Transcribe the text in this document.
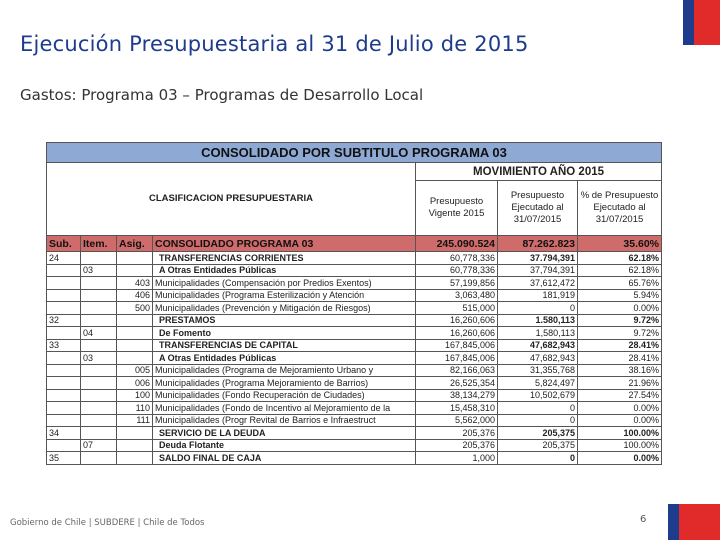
Ejecución Presupuestaria al 31 de Julio de 2015
Gastos: Programa 03 – Programas de Desarrollo Local
CONSOLIDADO POR SUBTITULO PROGRAMA 03						
CLASIFICACION PRESUPUESTARIA				MOVIMIENTO AÑO 2015		
				Presupuesto Vigente 2015	Presupuesto Ejecutado al 31/07/2015	% de Presupuesto Ejecutado al 31/07/2015
Sub.	Item.	Asig.	CONSOLIDADO PROGRAMA 03	245.090.524	87.262.823	35.60%
24			TRANSFERENCIAS CORRIENTES	60,778,336	37.794,391	62.18%
	03		A Otras Entidades Públicas	60,778,336	37,794,391	62.18%
		403	Municipalidades (Compensación por Predios Exentos)	57,199,856	37,612,472	65.76%
		406	Municipalidades (Programa Esterilización y Atención	3,063,480	181,919	5.94%
		500	Municipalidades (Prevención y Mitigación de Riesgos)	515,000	0	0.00%
32			PRESTAMOS	16,260,606	1.580,113	9.72%
	04		De Fomento	16,260,606	1,580,113	9.72%
33			TRANSFERENCIAS DE CAPITAL	167,845,006	47,682,943	28.41%
	03		A Otras Entidades Públicas	167,845,006	47,682,943	28.41%
		005	Municipalidades (Programa de Mejoramiento Urbano y	82,166,063	31,355,768	38.16%
		006	Municipalidades (Programa Mejoramiento de Barrios)	26,525,354	5,824,497	21.96%
		100	Municipalidades (Fondo Recuperación de Ciudades)	38,134,279	10,502,679	27.54%
		110	Municipalidades (Fondo de Incentivo al Mejoramiento de la	15,458,310	0	0.00%
		111	Municipalidades (Progr Revital de Barrios e Infraestruct	5,562,000	0	0.00%
34			SERVICIO DE LA DEUDA	205,376	205,375	100.00%
	07		Deuda Flotante	205,376	205,375	100.00%
35			SALDO FINAL DE CAJA	1,000	0	0.00%
Gobierno de Chile | SUBDERE | Chile de Todos	6
